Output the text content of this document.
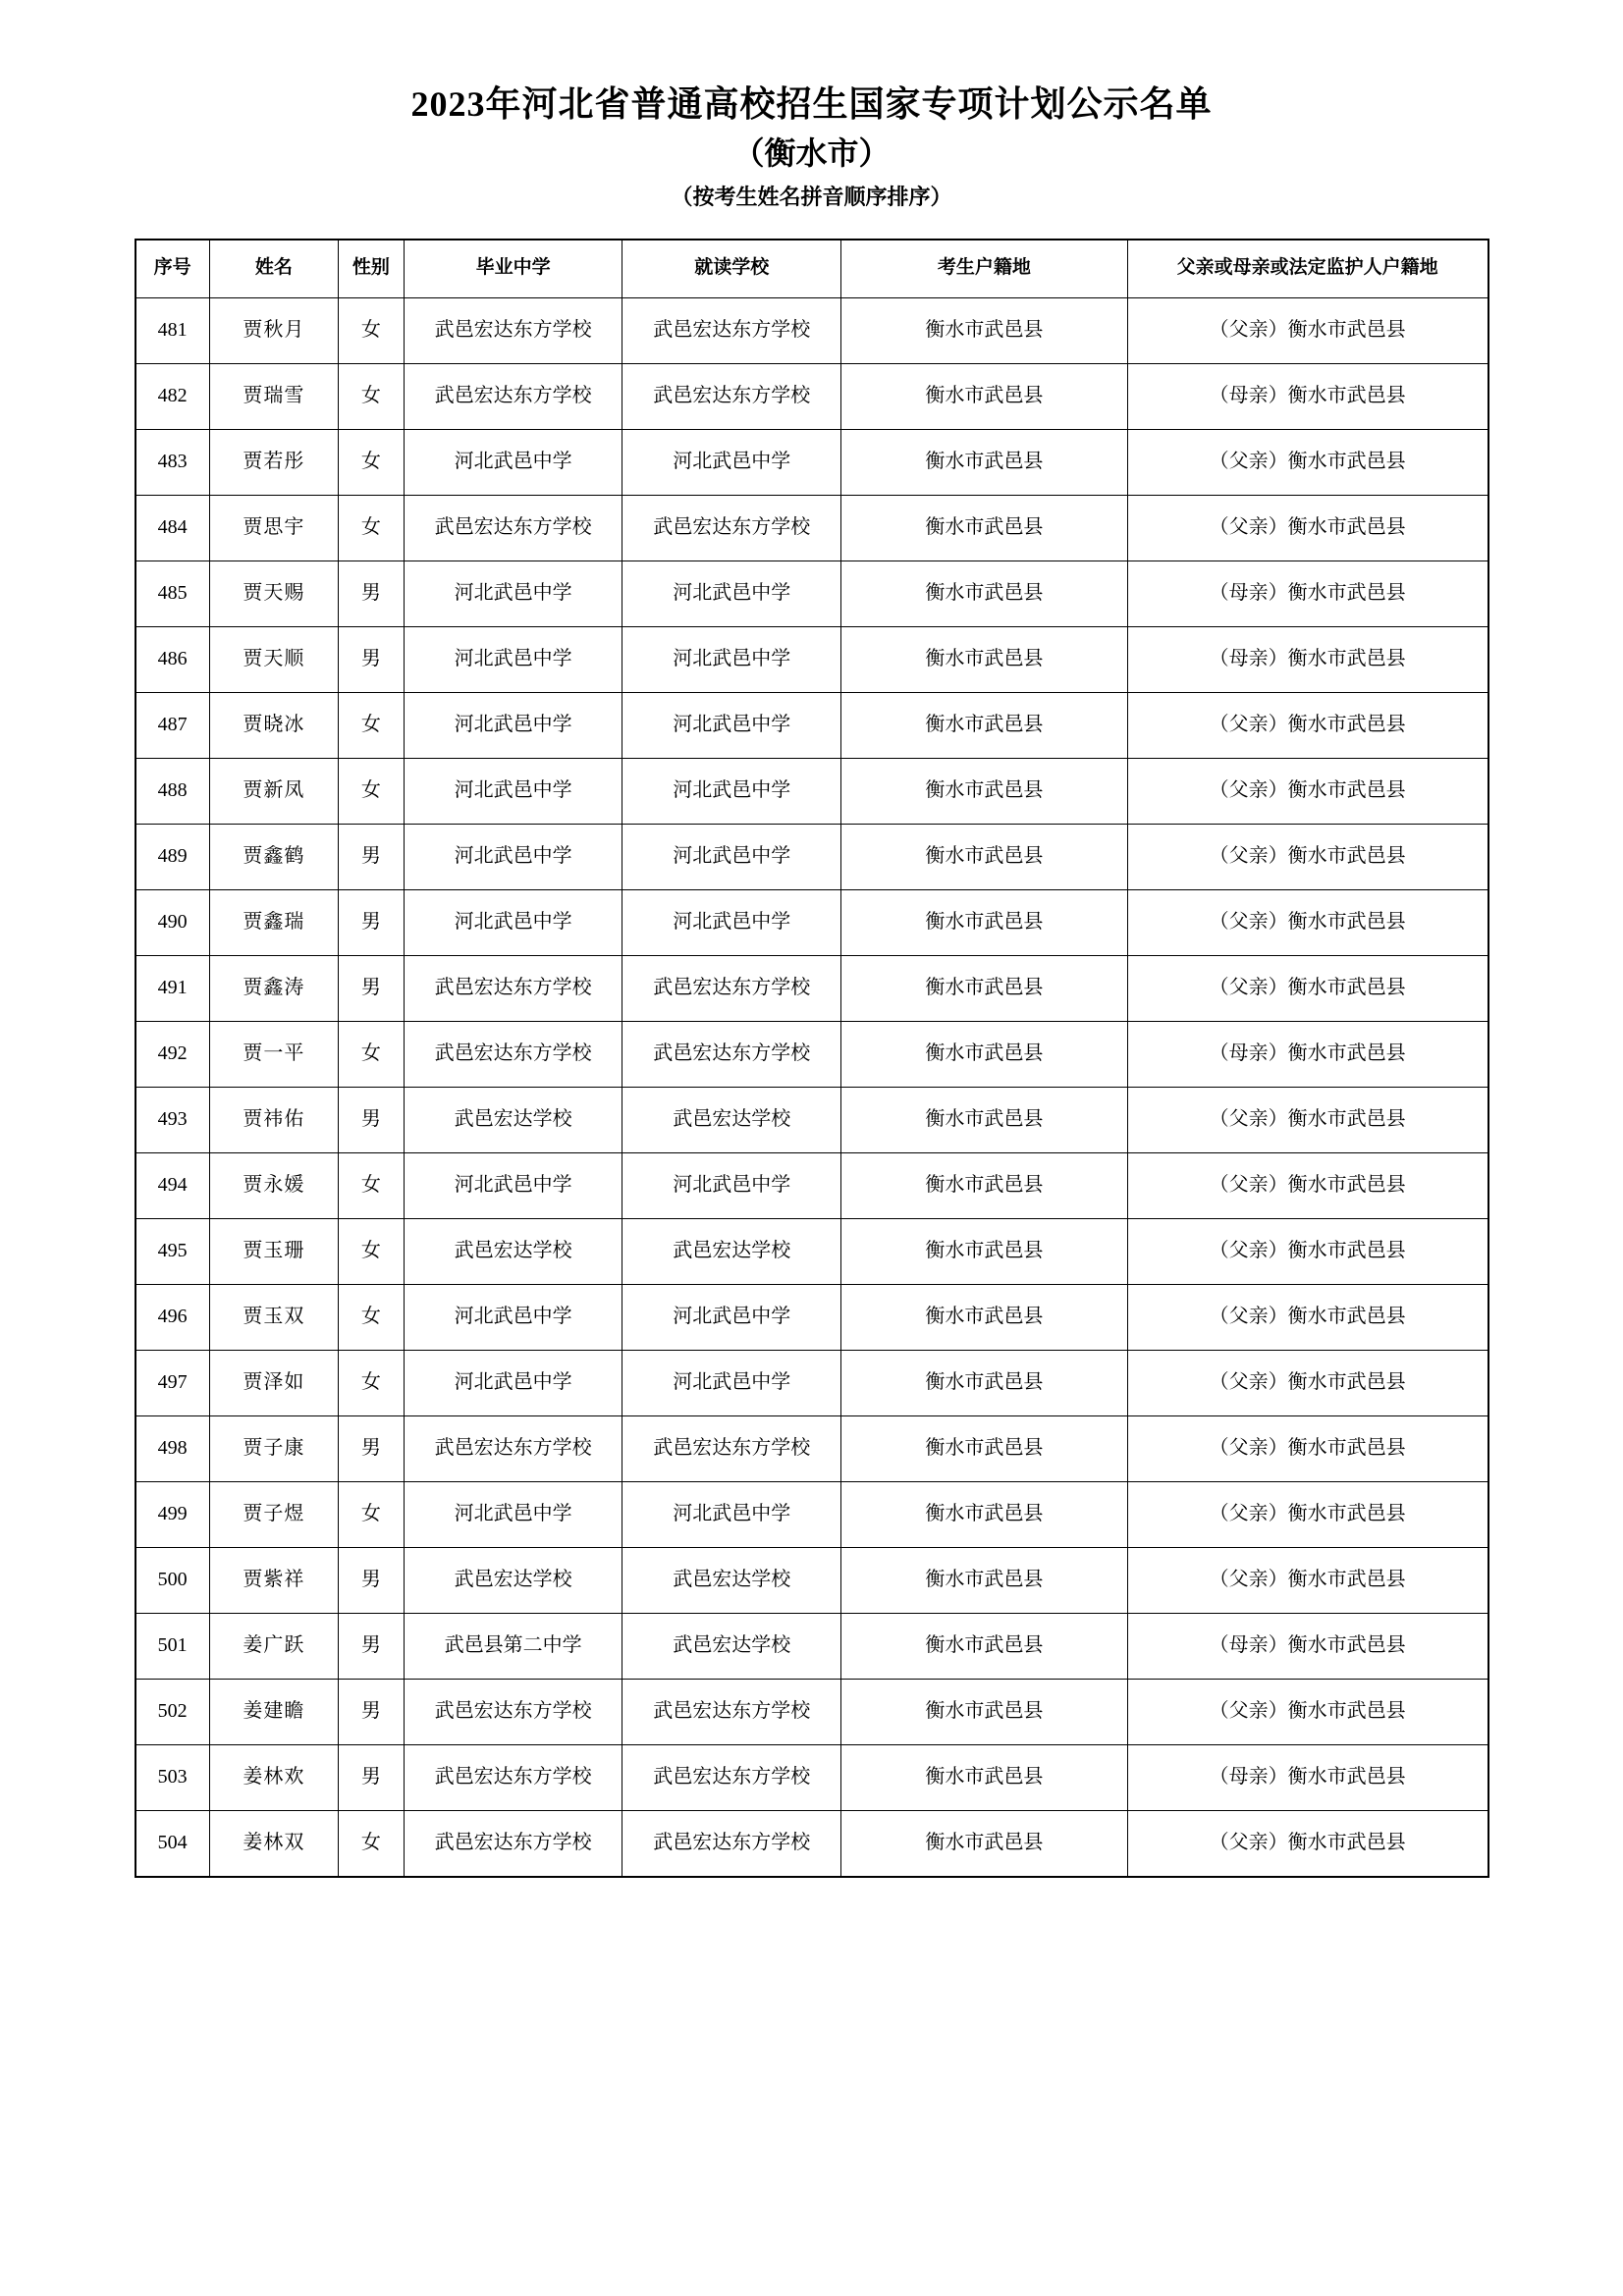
2023年河北省普通高校招生国家专项计划公示名单
（衡水市）
（按考生姓名拼音顺序排序）
序号	姓名	性别	毕业中学	就读学校	考生户籍地	父亲或母亲或法定监护人户籍地
481	贾秋月	女	武邑宏达东方学校	武邑宏达东方学校	衡水市武邑县	（父亲）衡水市武邑县
482	贾瑞雪	女	武邑宏达东方学校	武邑宏达东方学校	衡水市武邑县	（母亲）衡水市武邑县
483	贾若彤	女	河北武邑中学	河北武邑中学	衡水市武邑县	（父亲）衡水市武邑县
484	贾思宇	女	武邑宏达东方学校	武邑宏达东方学校	衡水市武邑县	（父亲）衡水市武邑县
485	贾天赐	男	河北武邑中学	河北武邑中学	衡水市武邑县	（母亲）衡水市武邑县
486	贾天顺	男	河北武邑中学	河北武邑中学	衡水市武邑县	（母亲）衡水市武邑县
487	贾晓冰	女	河北武邑中学	河北武邑中学	衡水市武邑县	（父亲）衡水市武邑县
488	贾新凤	女	河北武邑中学	河北武邑中学	衡水市武邑县	（父亲）衡水市武邑县
489	贾鑫鹤	男	河北武邑中学	河北武邑中学	衡水市武邑县	（父亲）衡水市武邑县
490	贾鑫瑞	男	河北武邑中学	河北武邑中学	衡水市武邑县	（父亲）衡水市武邑县
491	贾鑫涛	男	武邑宏达东方学校	武邑宏达东方学校	衡水市武邑县	（父亲）衡水市武邑县
492	贾一平	女	武邑宏达东方学校	武邑宏达东方学校	衡水市武邑县	（母亲）衡水市武邑县
493	贾祎佑	男	武邑宏达学校	武邑宏达学校	衡水市武邑县	（父亲）衡水市武邑县
494	贾永媛	女	河北武邑中学	河北武邑中学	衡水市武邑县	（父亲）衡水市武邑县
495	贾玉珊	女	武邑宏达学校	武邑宏达学校	衡水市武邑县	（父亲）衡水市武邑县
496	贾玉双	女	河北武邑中学	河北武邑中学	衡水市武邑县	（父亲）衡水市武邑县
497	贾泽如	女	河北武邑中学	河北武邑中学	衡水市武邑县	（父亲）衡水市武邑县
498	贾子康	男	武邑宏达东方学校	武邑宏达东方学校	衡水市武邑县	（父亲）衡水市武邑县
499	贾子煜	女	河北武邑中学	河北武邑中学	衡水市武邑县	（父亲）衡水市武邑县
500	贾紫祥	男	武邑宏达学校	武邑宏达学校	衡水市武邑县	（父亲）衡水市武邑县
501	姜广跃	男	武邑县第二中学	武邑宏达学校	衡水市武邑县	（母亲）衡水市武邑县
502	姜建瞻	男	武邑宏达东方学校	武邑宏达东方学校	衡水市武邑县	（父亲）衡水市武邑县
503	姜林欢	男	武邑宏达东方学校	武邑宏达东方学校	衡水市武邑县	（母亲）衡水市武邑县
504	姜林双	女	武邑宏达东方学校	武邑宏达东方学校	衡水市武邑县	（父亲）衡水市武邑县
